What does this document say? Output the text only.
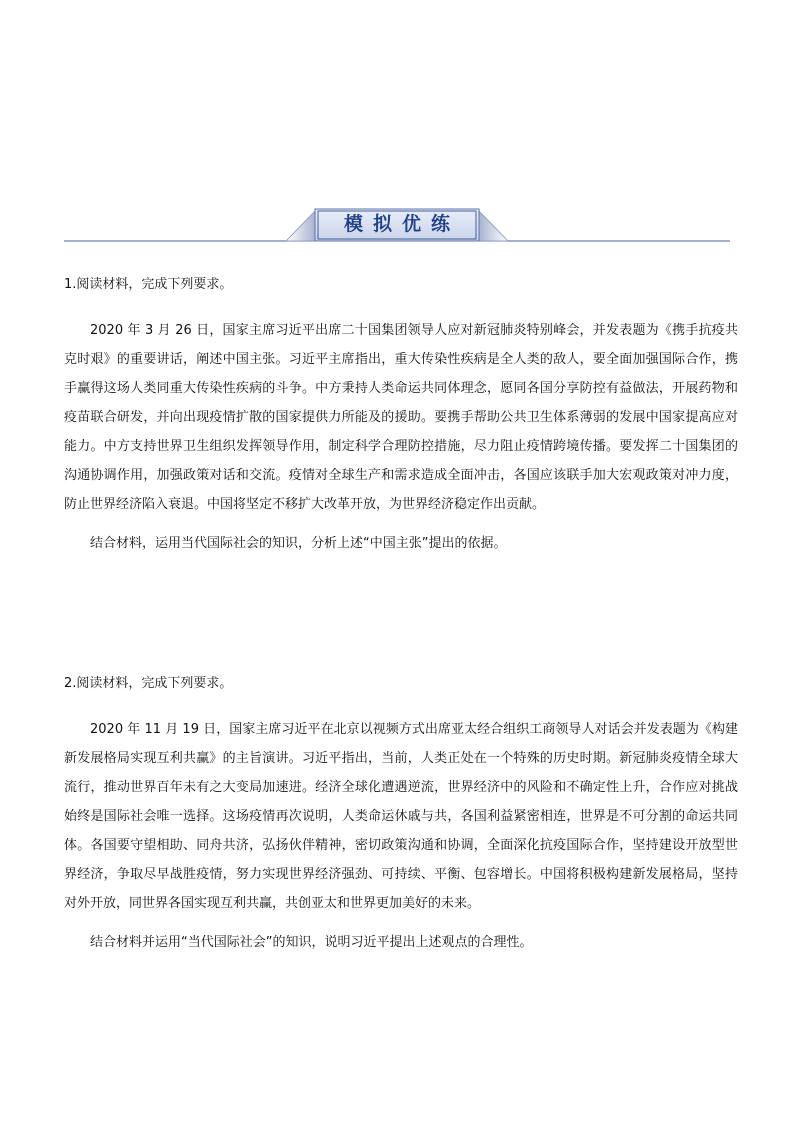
模拟优练

1.阅读材料，完成下列要求。

2020 年 3 月 26 日，国家主席习近平出席二十国集团领导人应对新冠肺炎特别峰会，并发表题为《携手抗疫共克时艰》的重要讲话，阐述中国主张。习近平主席指出，重大传染性疾病是全人类的敌人，要全面加强国际合作，携手赢得这场人类同重大传染性疾病的斗争。中方秉持人类命运共同体理念，愿同各国分享防控有益做法，开展药物和疫苗联合研发，并向出现疫情扩散的国家提供力所能及的援助。要携手帮助公共卫生体系薄弱的发展中国家提高应对能力。中方支持世界卫生组织发挥领导作用，制定科学合理防控措施，尽力阻止疫情跨境传播。要发挥二十国集团的沟通协调作用，加强政策对话和交流。疫情对全球生产和需求造成全面冲击，各国应该联手加大宏观政策对冲力度，防止世界经济陷入衰退。中国将坚定不移扩大改革开放，为世界经济稳定作出贡献。

结合材料，运用当代国际社会的知识，分析上述“中国主张”提出的依据。

2.阅读材料，完成下列要求。

2020 年 11 月 19 日，国家主席习近平在北京以视频方式出席亚太经合组织工商领导人对话会并发表题为《构建新发展格局实现互利共赢》的主旨演讲。习近平指出，当前，人类正处在一个特殊的历史时期。新冠肺炎疫情全球大流行，推动世界百年未有之大变局加速进。经济全球化遭遇逆流，世界经济中的风险和不确定性上升，合作应对挑战始终是国际社会唯一选择。这场疫情再次说明，人类命运休戚与共，各国利益紧密相连，世界是不可分割的命运共同体。各国要守望相助、同舟共济，弘扬伙伴精神，密切政策沟通和协调，全面深化抗疫国际合作，坚持建设开放型世界经济，争取尽早战胜疫情，努力实现世界经济强劲、可持续、平衡、包容增长。中国将积极构建新发展格局，坚持对外开放，同世界各国实现互利共赢，共创亚太和世界更加美好的未来。

结合材料并运用“当代国际社会”的知识，说明习近平提出上述观点的合理性。
